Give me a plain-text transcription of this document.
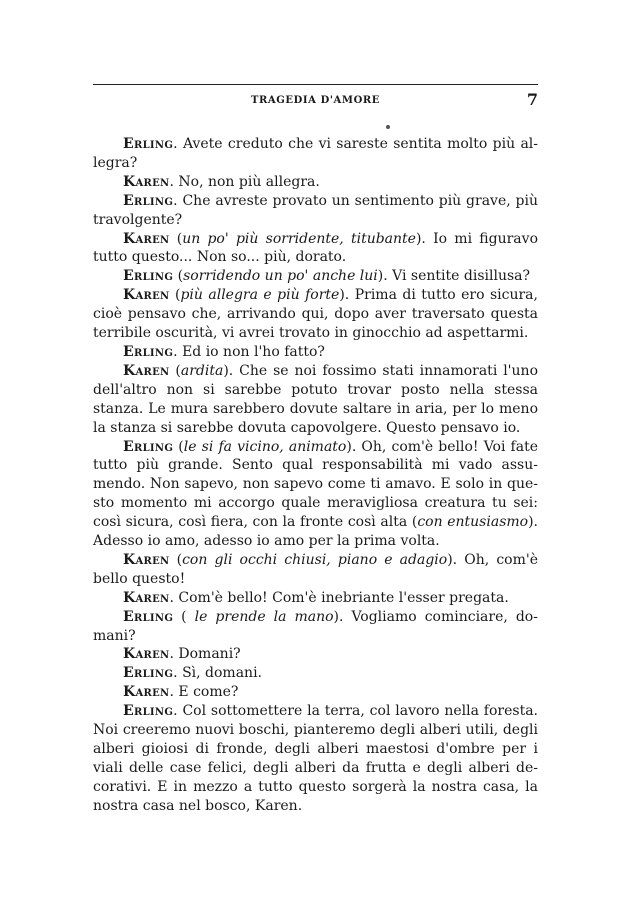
TRAGEDIA D'AMORE	7

Erling. Avete creduto che vi sareste sentita molto più allegra?

Karen. No, non più allegra.

Erling. Che avreste provato un sentimento più grave, più travolgente?

Karen (un po' più sorridente, titubante). Io mi figuravo tutto questo... Non so... più, dorato.

Erling (sorridendo un po' anche lui). Vi sentite disillusa?

Karen (più allegra e più forte). Prima di tutto ero sicura, cioè pensavo che, arrivando qui, dopo aver traversato questa terribile oscurità, vi avrei trovato in ginocchio ad aspettarmi.

Erling. Ed io non l'ho fatto?

Karen (ardita). Che se noi fossimo stati innamorati l'uno dell'altro non si sarebbe potuto trovar posto nella stessa stanza. Le mura sarebbero dovute saltare in aria, per lo meno la stanza si sarebbe dovuta capovolgere. Questo pensavo io.

Erling (le si fa vicino, animato). Oh, com'è bello! Voi fate tutto più grande. Sento qual responsabilità mi vado assumendo. Non sapevo, non sapevo come ti amavo. E solo in questo momento mi accorgo quale meravigliosa creatura tu sei: così sicura, così fiera, con la fronte così alta (con entusiasmo). Adesso io amo, adesso io amo per la prima volta.

Karen (con gli occhi chiusi, piano e adagio). Oh, com'è bello questo!

Karen. Com'è bello! Com'è inebriante l'esser pregata.

Erling ( le prende la mano). Vogliamo cominciare, domani?

Karen. Domani?

Erling. Sì, domani.

Karen. E come?

Erling. Col sottomettere la terra, col lavoro nella foresta. Noi creeremo nuovi boschi, pianteremo degli alberi utili, degli alberi gioiosi di fronde, degli alberi maestosi d'ombre per i viali delle case felici, degli alberi da frutta e degli alberi decorativi. E in mezzo a tutto questo sorgerà la nostra casa, la nostra casa nel bosco, Karen.
